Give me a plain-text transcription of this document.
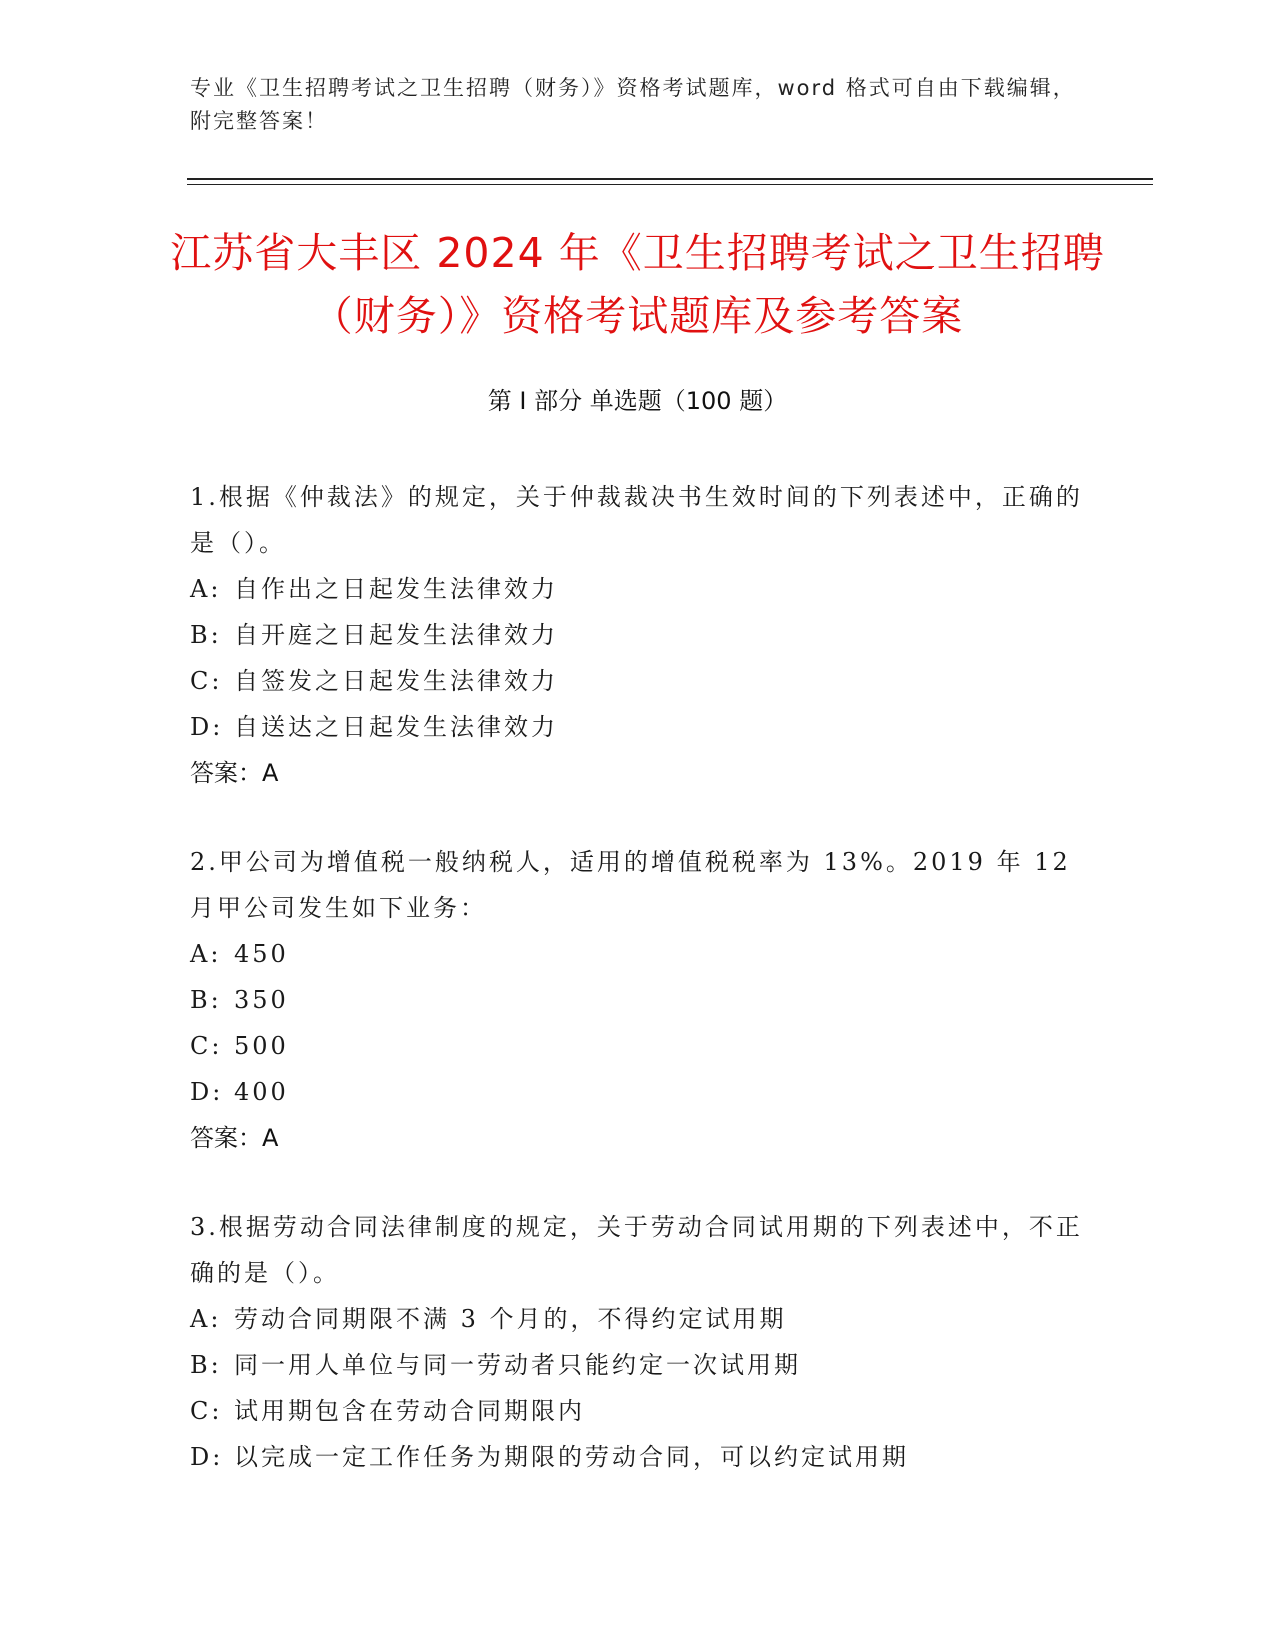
专业《卫生招聘考试之卫生招聘（财务）》资格考试题库，word 格式可自由下载编辑，附完整答案！
江苏省大丰区 2024 年《卫生招聘考试之卫生招聘（财务）》资格考试题库及参考答案
第 I 部分 单选题（100 题）
1.根据《仲裁法》的规定，关于仲裁裁决书生效时间的下列表述中，正确的是（）。
A: 自作出之日起发生法律效力
B: 自开庭之日起发生法律效力
C: 自签发之日起发生法律效力
D: 自送达之日起发生法律效力
答案：A
2.甲公司为增值税一般纳税人，适用的增值税税率为 13%。2019 年 12 月甲公司发生如下业务：
A: 450
B: 350
C: 500
D: 400
答案：A
3.根据劳动合同法律制度的规定，关于劳动合同试用期的下列表述中，不正确的是（）。
A: 劳动合同期限不满 3 个月的，不得约定试用期
B: 同一用人单位与同一劳动者只能约定一次试用期
C: 试用期包含在劳动合同期限内
D: 以完成一定工作任务为期限的劳动合同，可以约定试用期
